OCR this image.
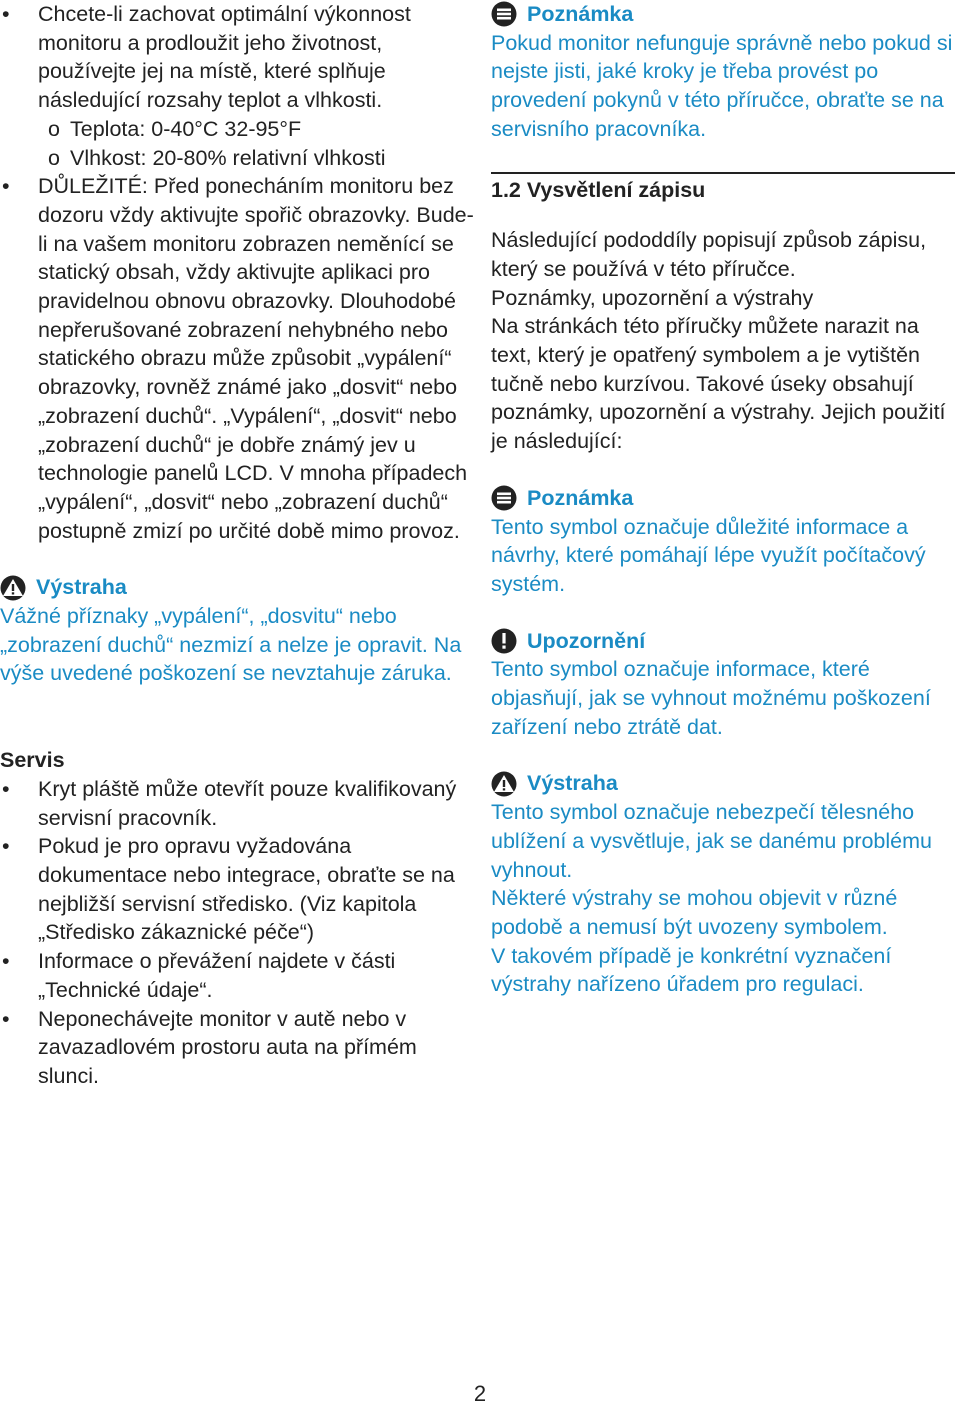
• Chcete-li zachovat optimální výkonnost monitoru a prodloužit jeho životnost, používejte jej na místě, které splňuje následující rozsahy teplot a vlhkosti.
o Teplota: 0-40°C 32-95°F
o Vlhkost: 20-80% relativní vlhkosti
• DŮLEŽITÉ: Před ponecháním monitoru bez dozoru vždy aktivujte spořič obrazovky. Bude-li na vašem monitoru zobrazen neměnící se statický obsah, vždy aktivujte aplikaci pro pravidelnou obnovu obrazovky. Dlouhodobé nepřerušované zobrazení nehybného nebo statického obrazu může způsobit „vypálení“ obrazovky, rovněž známé jako „dosvit“ nebo „zobrazení duchů“. „Vypálení“, „dosvit“ nebo „zobrazení duchů“ je dobře známý jev u technologie panelů LCD. V mnoha případech „vypálení“, „dosvit“ nebo „zobrazení duchů“ postupně zmizí po určité době mimo provoz.
Výstraha

Vážné příznaky „vypálení“, „dosvitu“ nebo „zobrazení duchů“ nezmizí a nelze je opravit. Na výše uvedené poškození se nevztahuje záruka.

Servis
• Kryt pláště může otevřít pouze kvalifikovaný servisní pracovník.
• Pokud je pro opravu vyžadována dokumentace nebo integrace, obraťte se na nejbližší servisní středisko. (Viz kapitola „Středisko zákaznické péče“)
• Informace o převážení najdete v části „Technické údaje“.
• Neponechávejte monitor v autě nebo v zavazadlovém prostoru auta na přímém slunci.
Poznámka

Pokud monitor nefunguje správně nebo pokud si nejste jisti, jaké kroky je třeba provést po provedení pokynů v této příručce, obraťte se na servisního pracovníka.

1.2 Vysvětlení zápisu

Následující pododdíly popisují způsob zápisu, který se používá v této příručce.

Poznámky, upozornění a výstrahy

Na stránkách této příručky můžete narazit na text, který je opatřený symbolem a je vytištěn tučně nebo kurzívou. Takové úseky obsahují poznámky, upozornění a výstrahy. Jejich použití je následující:

Poznámka

Tento symbol označuje důležité informace a návrhy, které pomáhají lépe využít počítačový systém.

Upozornění

Tento symbol označuje informace, které objasňují, jak se vyhnout možnému poškození zařízení nebo ztrátě dat.

Výstraha

Tento symbol označuje nebezpečí tělesného ublížení a vysvětluje, jak se danému problému vyhnout.

Některé výstrahy se mohou objevit v různé podobě a nemusí být uvozeny symbolem.

V takovém případě je konkrétní vyznačení výstrahy nařízeno úřadem pro regulaci.

2
